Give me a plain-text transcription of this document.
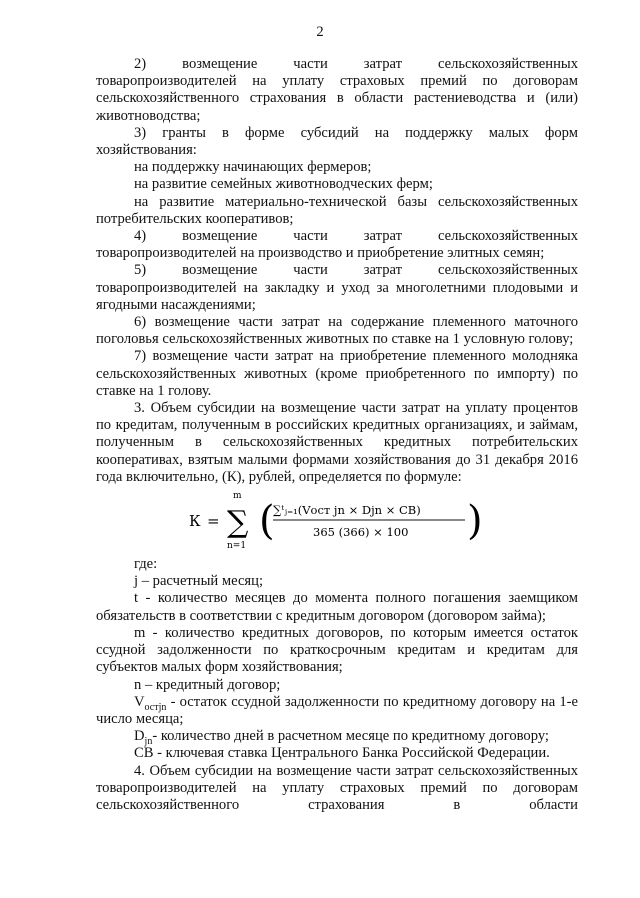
2

2) возмещение части затрат сельскохозяйственных товаропроизводителей на уплату страховых премий по договорам сельскохозяйственного страхования в области растениеводства и (или) животноводства;

3) гранты в форме субсидий на поддержку малых форм хозяйствования:

на поддержку начинающих фермеров;

на развитие семейных животноводческих ферм;

на развитие материально-технической базы сельскохозяйственных потребительских кооперативов;

4) возмещение части затрат сельскохозяйственных товаропроизводителей на производство и приобретение элитных семян;

5) возмещение части затрат сельскохозяйственных товаропроизводителей на закладку и уход за многолетними плодовыми и ягодными насаждениями;

6) возмещение части затрат на содержание племенного маточного поголовья сельскохозяйственных животных по ставке на 1 условную голову;

7) возмещение части затрат на приобретение племенного молодняка сельскохозяйственных животных (кроме приобретенного по импорту) по ставке на 1 голову.

3. Объем субсидии на возмещение части затрат на уплату процентов по кредитам, полученным в российских кредитных организациях, и займам, полученным в сельскохозяйственных кредитных потребительских кооперативах, взятым малыми формами хозяйствования до 31 декабря 2016 года включительно, (К), рублей, определяется по формуле:

К = ∑
m
n=1
(
∑ᵗⱼ₌₁(Vост jn × Djn × CB)
365 (366) × 100 )

где:

j – расчетный месяц;

t - количество месяцев до момента полного погашения заемщиком обязательств в соответствии с кредитным договором (договором займа);

m - количество кредитных договоров, по которым имеется остаток ссудной задолженности по краткосрочным кредитам и кредитам для субъектов малых форм хозяйствования;

n – кредитный договор;

$V_{остjn}$ - остаток ссудной задолженности по кредитному договору на 1-е число месяца;

$D_{jn}-$ количество дней в расчетном месяце по кредитному договору;

СВ - ключевая ставка Центрального Банка Российской Федерации.

4. Объем субсидии на возмещение части затрат сельскохозяйственных товаропроизводителей на уплату страховых премий по договорам сельскохозяйственного страхования в области
